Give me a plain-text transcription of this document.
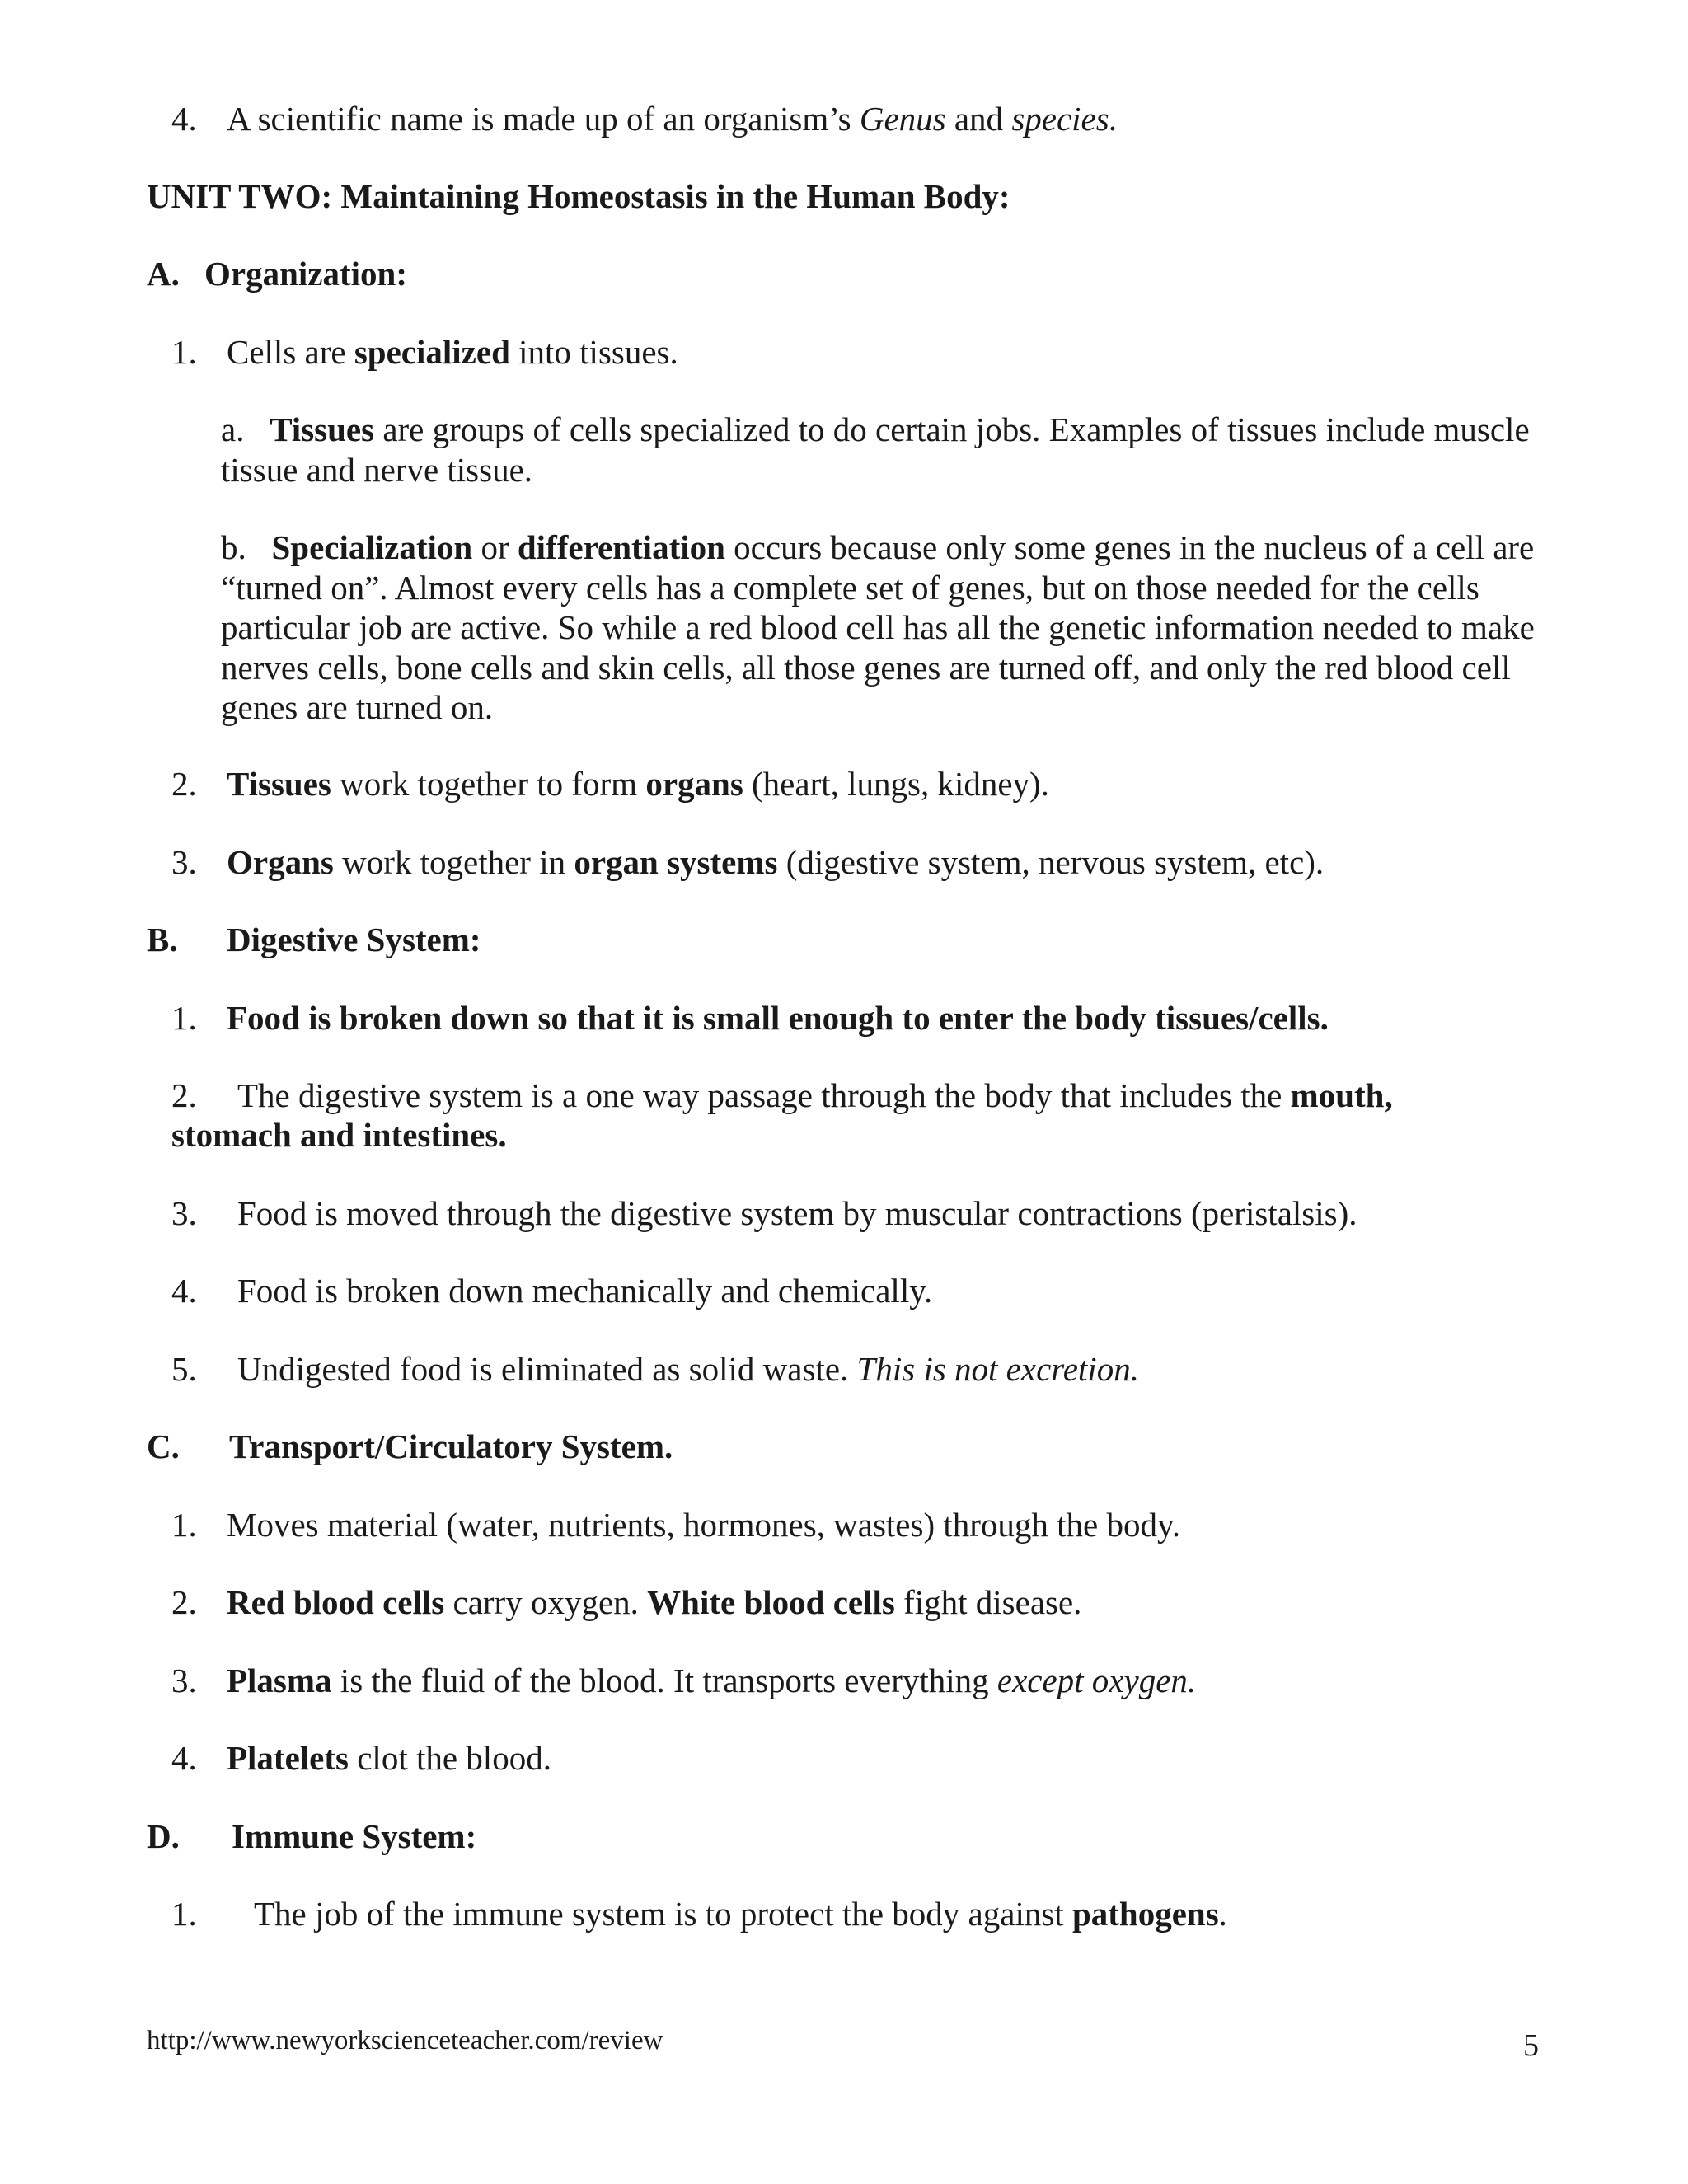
4. A scientific name is made up of an organism’s Genus and species.
UNIT TWO: Maintaining Homeostasis in the Human Body:
A. Organization:
1. Cells are specialized into tissues.

a. Tissues are groups of cells specialized to do certain jobs. Examples of tissues include muscle tissue and nerve tissue.

b. Specialization or differentiation occurs because only some genes in the nucleus of a cell are “turned on”. Almost every cells has a complete set of genes, but on those needed for the cells particular job are active. So while a red blood cell has all the genetic information needed to make nerves cells, bone cells and skin cells, all those genes are turned off, and only the red blood cell genes are turned on.

2. Tissues work together to form organs (heart, lungs, kidney).
3. Organs work together in organ systems (digestive system, nervous system, etc).
B. Digestive System:
1. Food is broken down so that it is small enough to enter the body tissues/cells.
2. The digestive system is a one way passage through the body that includes the mouth,
stomach and intestines.
3. Food is moved through the digestive system by muscular contractions (peristalsis).
4. Food is broken down mechanically and chemically.
5. Undigested food is eliminated as solid waste. This is not excretion.
C. Transport/Circulatory System.
1. Moves material (water, nutrients, hormones, wastes) through the body.
2. Red blood cells carry oxygen. White blood cells fight disease.
3. Plasma is the fluid of the blood. It transports everything except oxygen.
4. Platelets clot the blood.
D. Immune System:
1. The job of the immune system is to protect the body against pathogens.
http://www.newyorkscienceteacher.com/review	5
